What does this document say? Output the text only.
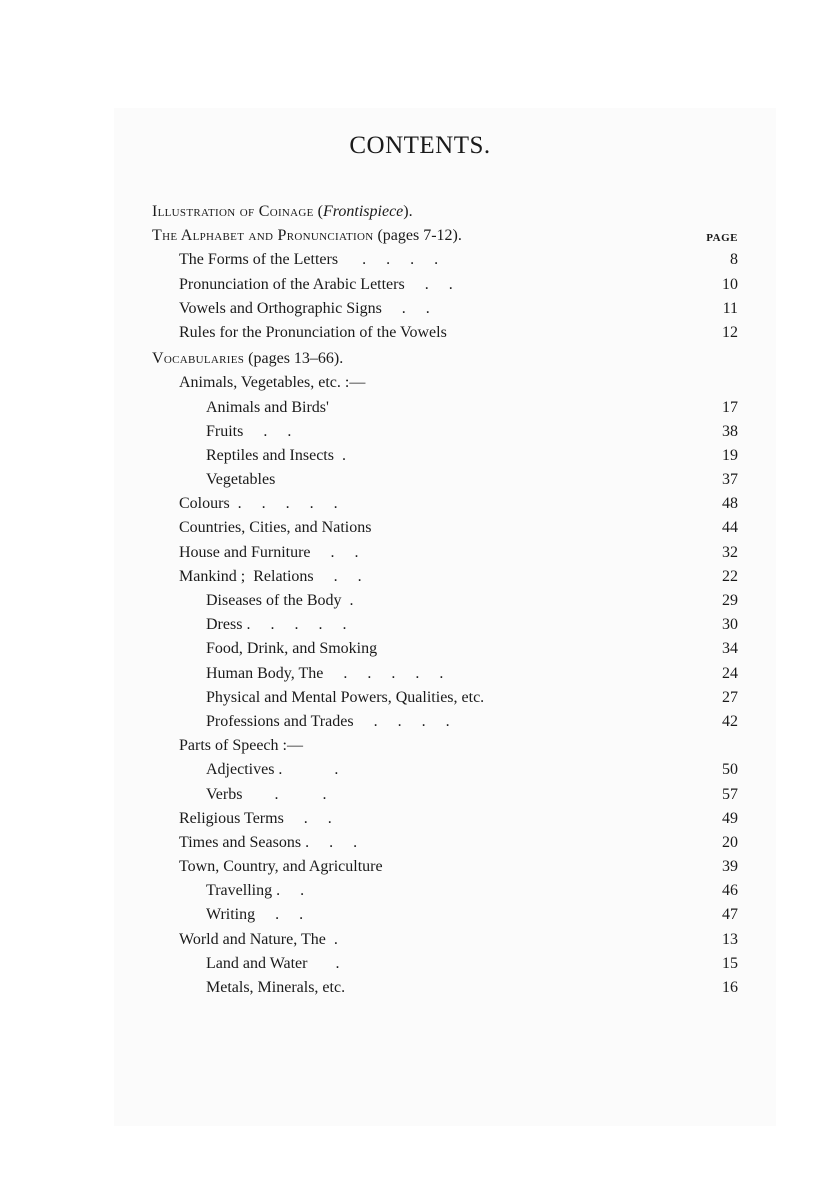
CONTENTS.

Illustration of Coinage (Frontispiece).

The Alphabet and Pronunciation (pages 7-12).

	PAGE

The Forms of the Letters      .     .     .     .	8
Pronunciation of the Arabic Letters     .     .	10
Vowels and Orthographic Signs     .     .	11
Rules for the Pronunciation of the Vowels	12

Vocabularies (pages 13–66).

Animals, Vegetables, etc. :—
Animals and Birds'	17
Fruits     .     .	38
Reptiles and Insects  .	19
Vegetables	37
Colours  .     .     .     .     .	48
Countries, Cities, and Nations	44
House and Furniture     .     .	32
Mankind ;  Relations     .     .	22
Diseases of the Body  .	29
Dress .     .     .     .     .	30
Food, Drink, and Smoking	34
Human Body, The     .     .     .     .     .	24
Physical and Mental Powers, Qualities, etc.	27
Professions and Trades     .     .     .     .	42
Parts of Speech :—
Adjectives .             .	50
Verbs        .           .	57
Religious Terms     .     .	49
Times and Seasons .     .     .	20
Town, Country, and Agriculture	39
Travelling .     .	46
Writing     .     .	47
World and Nature, The  .	13
Land and Water       .	15
Metals, Minerals, etc.	16
